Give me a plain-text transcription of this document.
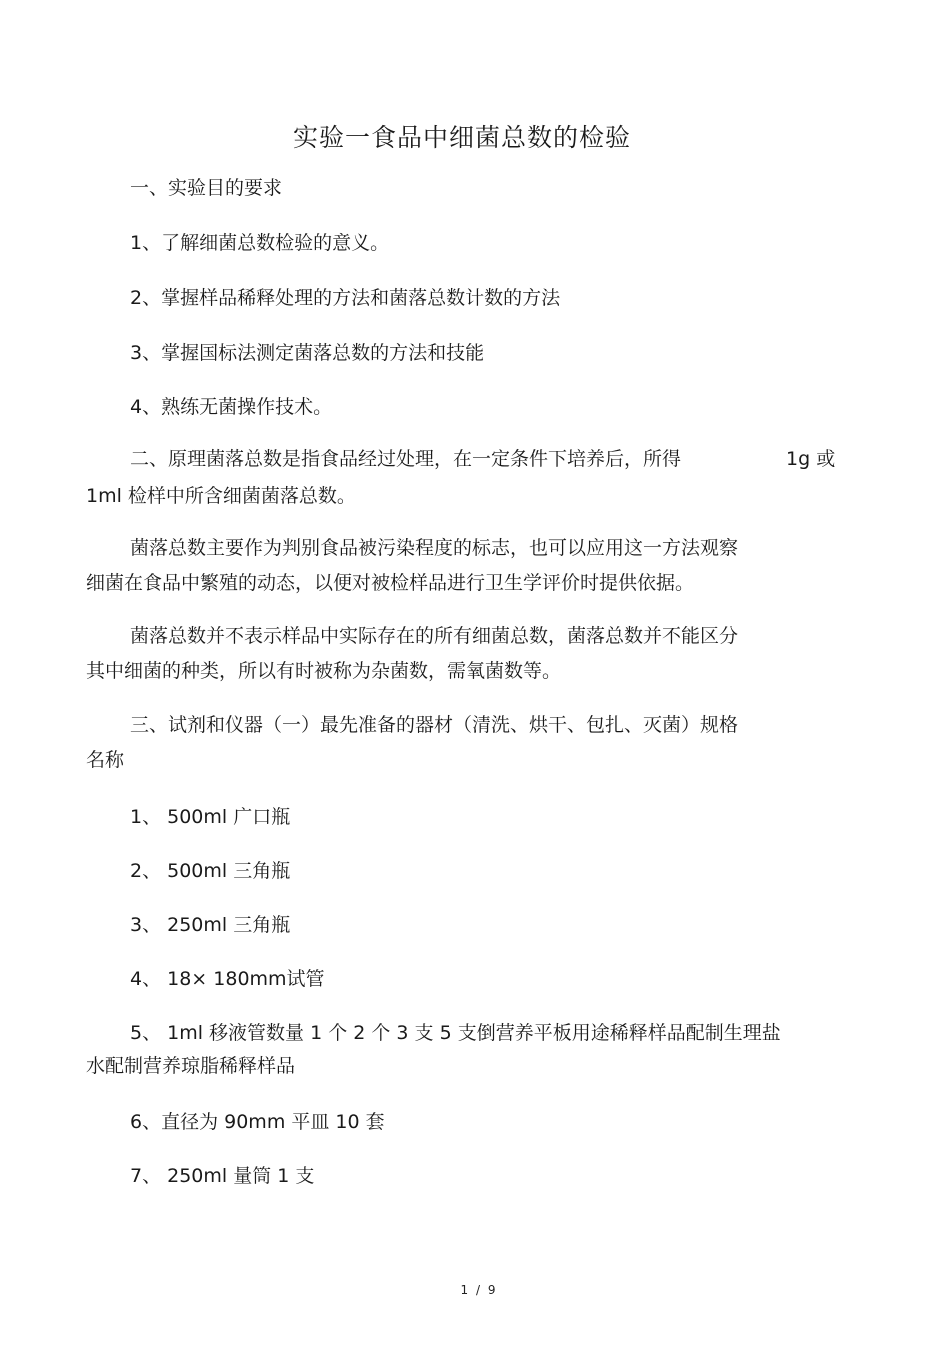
实验一食品中细菌总数的检验
一、实验目的要求
1、了解细菌总数检验的意义。
2、掌握样品稀释处理的方法和菌落总数计数的方法
3、掌握国标法测定菌落总数的方法和技能
4、熟练无菌操作技术。
二、原理菌落总数是指食品经过处理，在一定条件下培养后，所得	1g 或
1ml 检样中所含细菌菌落总数。
菌落总数主要作为判别食品被污染程度的标志，也可以应用这一方法观察
细菌在食品中繁殖的动态，以便对被检样品进行卫生学评价时提供依据。
菌落总数并不表示样品中实际存在的所有细菌总数，菌落总数并不能区分
其中细菌的种类，所以有时被称为杂菌数，需氧菌数等。
三、试剂和仪器（一）最先准备的器材（清洗、烘干、包扎、灭菌）规格
名称
1、 500ml 广口瓶
2、 500ml 三角瓶
3、 250ml 三角瓶
4、 18× 180mm试管
5、 1ml 移液管数量 1 个 2 个 3 支 5 支倒营养平板用途稀释样品配制生理盐
水配制营养琼脂稀释样品
6、直径为 90mm 平皿 10 套
7、 250ml 量筒 1 支
1 / 9
